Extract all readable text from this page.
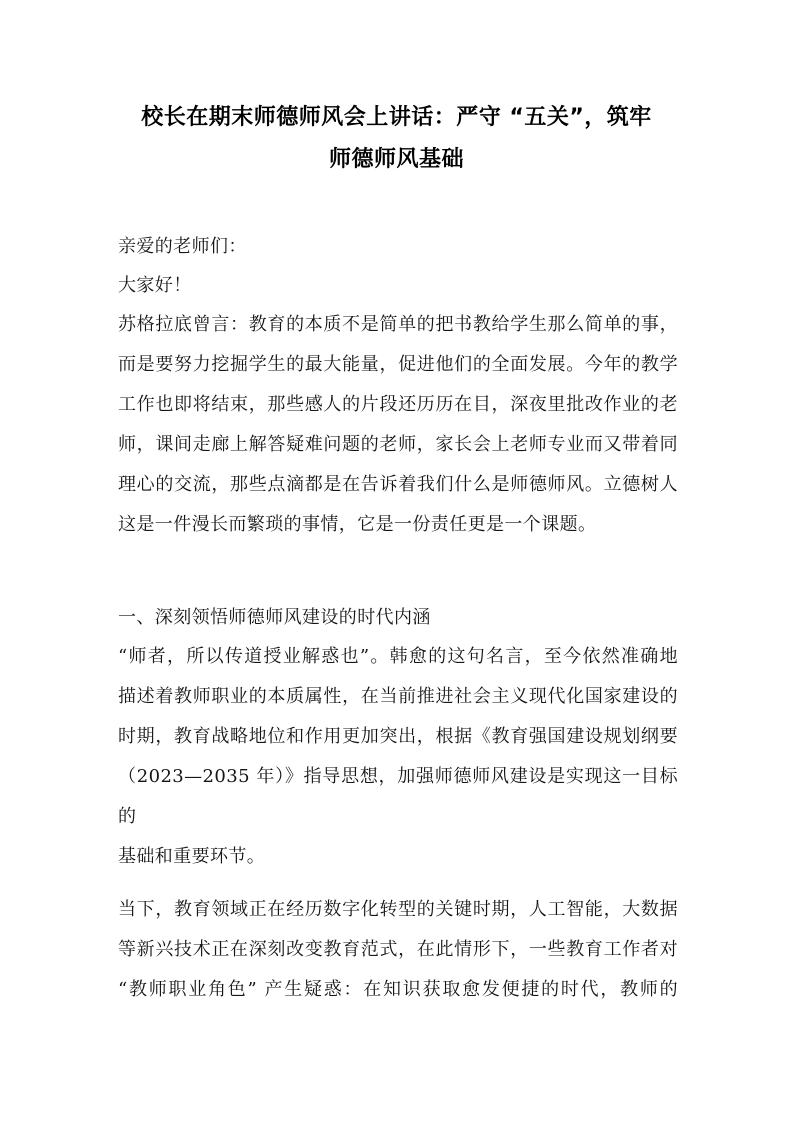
校长在期末师德师风会上讲话：严守 “五关”，筑牢
师德师风基础

亲爱的老师们：

大家好！

苏格拉底曾言：教育的本质不是简单的把书教给学生那么简单的事，
而是要努力挖掘学生的最大能量，促进他们的全面发展。今年的教学
工作也即将结束，那些感人的片段还历历在目，深夜里批改作业的老
师，课间走廊上解答疑难问题的老师，家长会上老师专业而又带着同
理心的交流，那些点滴都是在告诉着我们什么是师德师风。立德树人
这是一件漫长而繁琐的事情，它是一份责任更是一个课题。

一、深刻领悟师德师风建设的时代内涵

“师者，所以传道授业解惑也”。韩愈的这句名言，至今依然准确地
描述着教师职业的本质属性，在当前推进社会主义现代化国家建设的
时期，教育战略地位和作用更加突出，根据《教育强国建设规划纲要
（2023—2035 年）》指导思想，加强师德师风建设是实现这一目标的
基础和重要环节。

当下，教育领域正在经历数字化转型的关键时期，人工智能，大数据
等新兴技术正在深刻改变教育范式，在此情形下，一些教育工作者对
“教师职业角色” 产生疑惑：在知识获取愈发便捷的时代，教师的
